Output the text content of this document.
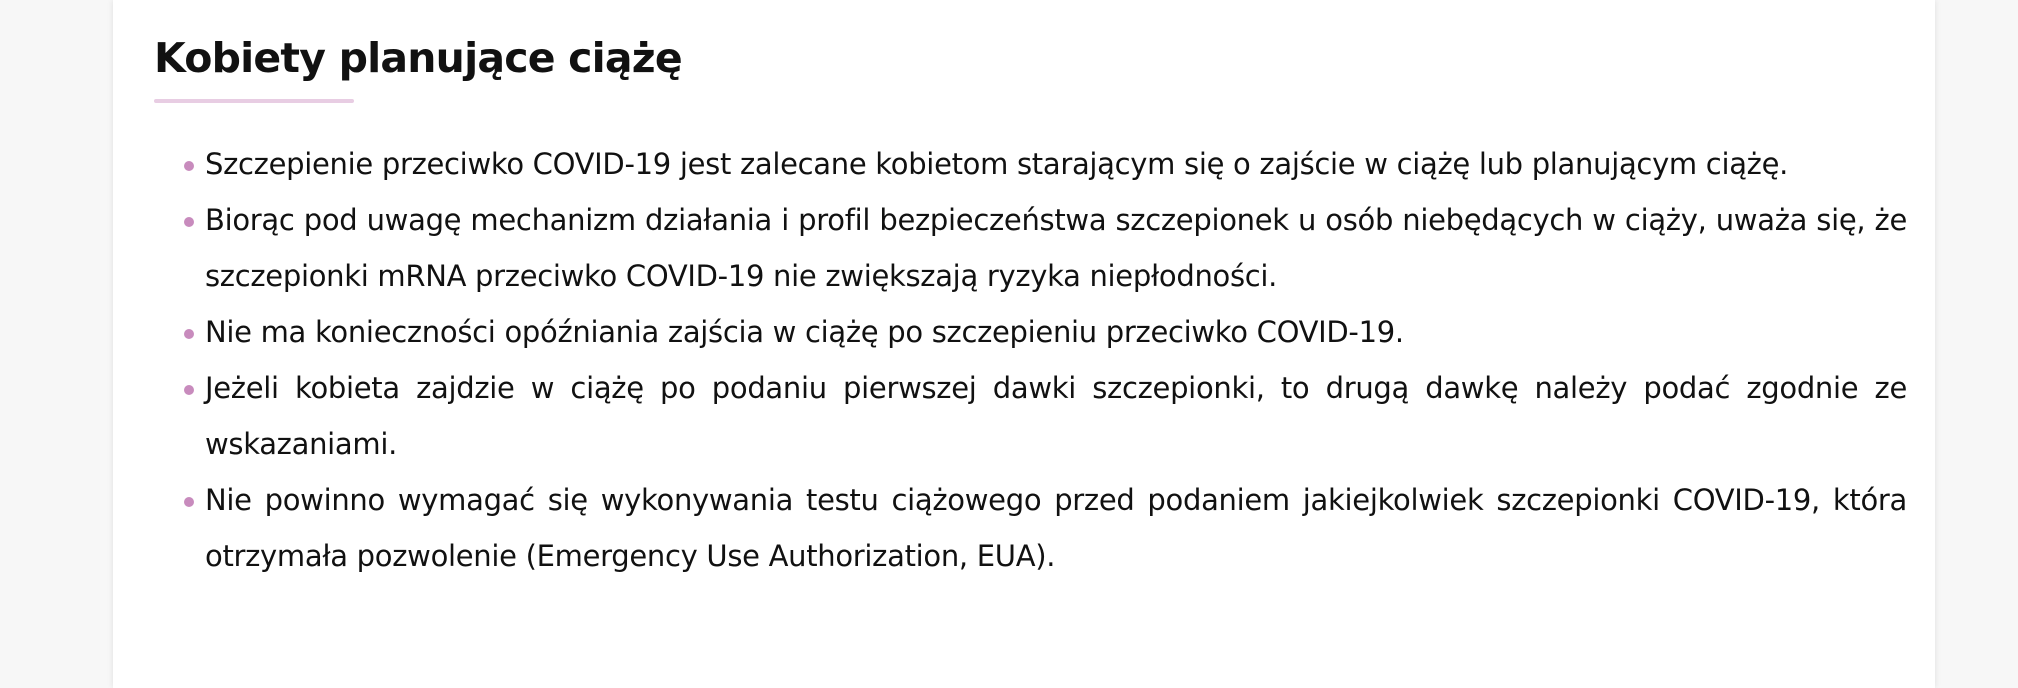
Kobiety planujące ciążę
Szczepienie przeciwko COVID-19 jest zalecane kobietom starającym się o zajście w ciążę lub planującym ciążę.
Biorąc pod uwagę mechanizm działania i profil bezpieczeństwa szczepionek u osób niebędących w ciąży, uważa się, że szczepionki mRNA przeciwko COVID-19 nie zwiększają ryzyka niepłodności.
Nie ma konieczności opóźniania zajścia w ciążę po szczepieniu przeciwko COVID-19.
Jeżeli kobieta zajdzie w ciążę po podaniu pierwszej dawki szczepionki, to drugą dawkę należy podać zgodnie ze wskazaniami.
Nie powinno wymagać się wykonywania testu ciążowego przed podaniem jakiejkolwiek szczepionki COVID-19, która otrzymała pozwolenie (Emergency Use Authorization, EUA).
